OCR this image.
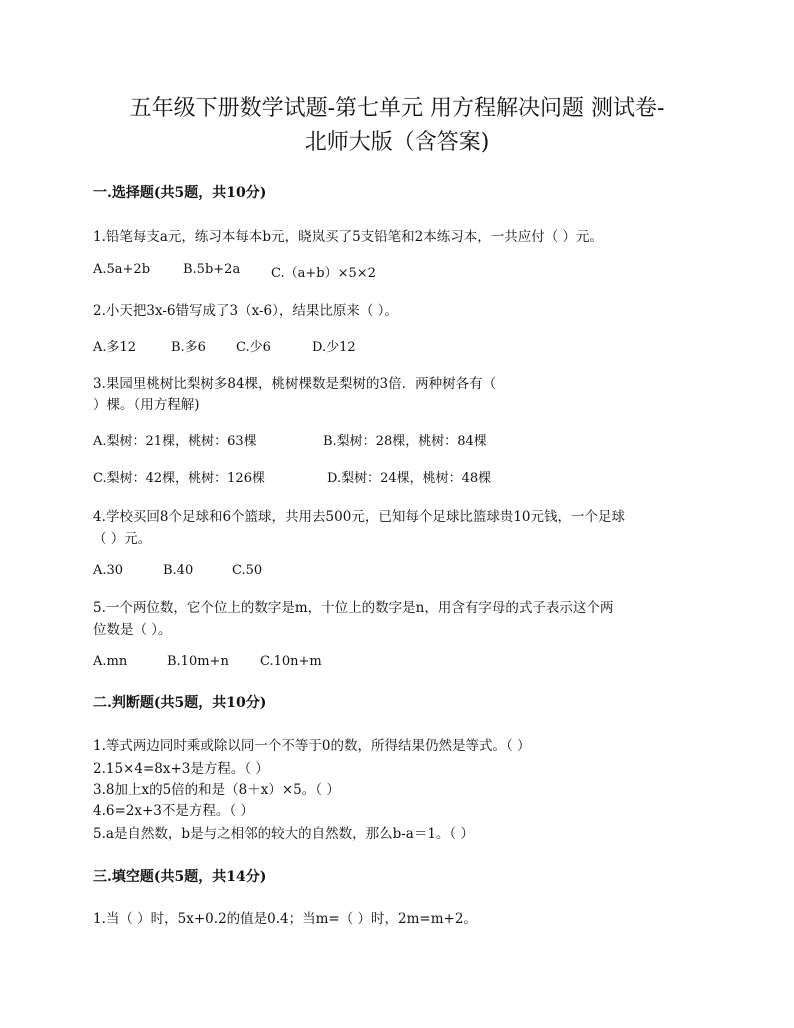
五年级下册数学试题-第七单元 用方程解决问题 测试卷-
北师大版（含答案)

一.选择题(共5题，共10分)

1.铅笔每支a元，练习本每本b元，晓岚买了5支铅笔和2本练习本，一共应付（ ）元。

A.5a+2b	B.5b+2a C.（a+b）×5×2

2.小天把3x-6错写成了3（x-6），结果比原来（ ）。

A.多12	B.多6 C.少6	D.少12

3.果园里桃树比梨树多84棵，桃树棵数是梨树的3倍．两种树各有（

）棵。（用方程解)

A.梨树：21棵，桃树：63棵	B.梨树：28棵，桃树：84棵
C.梨树：42棵，桃树：126棵	D.梨树：24棵，桃树：48棵

4.学校买回8个足球和6个篮球，共用去500元，已知每个足球比篮球贵10元钱，一个足球

（ ）元。

A.30	B.40	C.50

5.一个两位数，它个位上的数字是m，十位上的数字是n，用含有字母的式子表示这个两

位数是（ ）。

A.mn	B.10m+n C.10n+m

二.判断题(共5题，共10分)

1.等式两边同时乘或除以同一个不等于0的数，所得结果仍然是等式。（ ）

2.15×4=8x+3是方程。（ ）

3.8加上x的5倍的和是（8＋x）×5。（ ）

4.6=2x+3不是方程。（ ）

5.a是自然数，b是与之相邻的较大的自然数，那么b-a＝1。（ ）

三.填空题(共5题，共14分)

1.当（ ）时，5x+0.2的值是0.4；当m=（ ）时，2m=m+2。
